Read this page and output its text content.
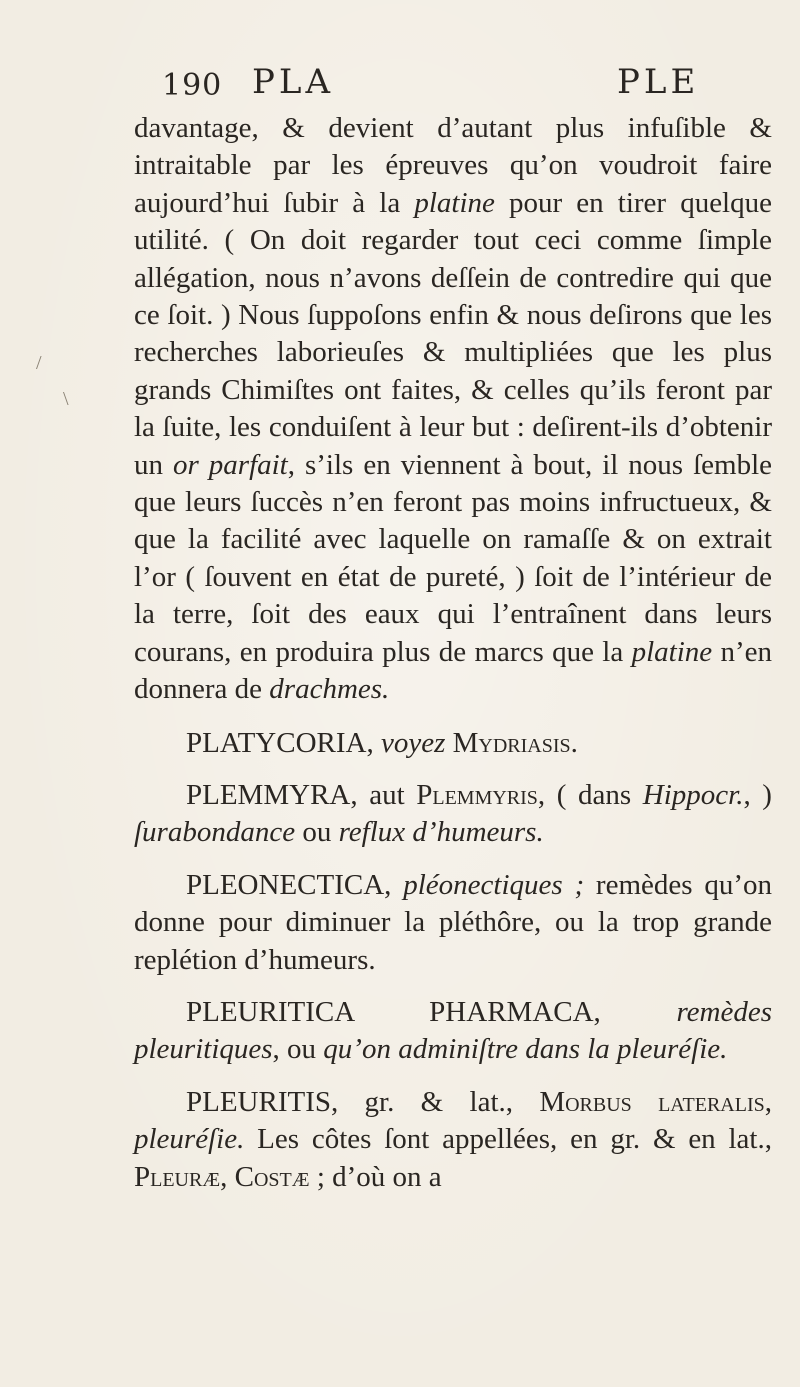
190 PLA	PLE
/
\

davantage, & devient d’autant plus infuſible & intraitable par les épreuves qu’on voudroit faire aujourd’hui ſubir à la platine pour en tirer quelque utilité. ( On doit regarder tout ceci comme ſimple allégation, nous n’avons deſſein de contredire qui que ce ſoit. ) Nous ſuppoſons enfin & nous deſirons que les recherches laborieuſes & multipliées que les plus grands Chimiſtes ont faites, & celles qu’ils feront par la ſuite, les conduiſent à leur but : deſirent-ils d’obtenir un or parfait, s’ils en viennent à bout, il nous ſemble que leurs ſuccès n’en feront pas moins infructueux, & que la facilité avec laquelle on ramaſſe & on extrait l’or ( ſouvent en état de pureté, ) ſoit de l’intérieur de la terre, ſoit des eaux qui l’entraînent dans leurs courans, en produira plus de marcs que la platine n’en donnera de drachmes.

PLATYCORIA, voyez Mydriasis.

PLEMMYRA, aut Plemmyris, ( dans Hippocr., ) ſurabondance ou reflux d’humeurs.

PLEONECTICA, pléonectiques ; remèdes qu’on donne pour diminuer la pléthôre, ou la trop grande replétion d’humeurs.

PLEURITICA PHARMACA, remèdes pleuritiques, ou qu’on adminiſtre dans la pleuréſie.

PLEURITIS, gr. & lat., Morbus lateralis, pleuréſie. Les côtes ſont appellées, en gr. & en lat., Pleuræ, Costæ ; d’où on a
